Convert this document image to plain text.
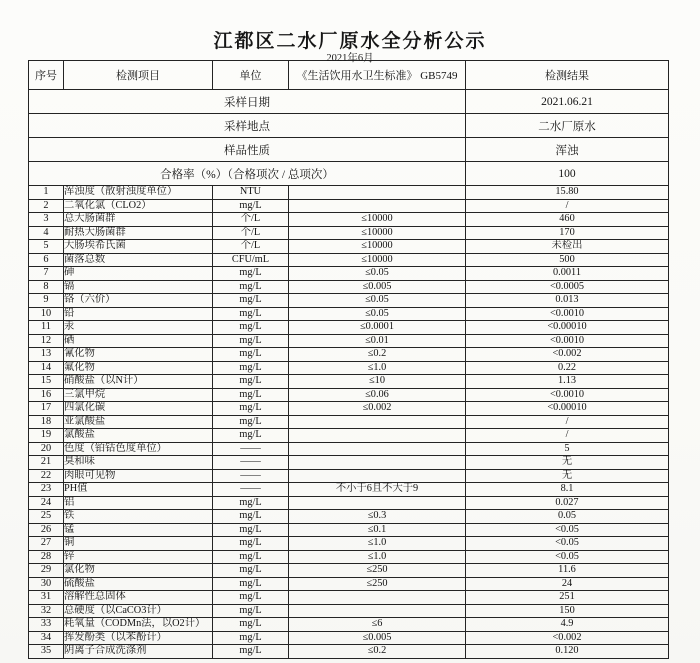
江都区二水厂原水全分析公示
2021年6月
采样日期				2021.06.21
采样地点				二水厂原水
样品性质				浑浊
合格率（%）（合格项次 / 总项次）				100
序号	检测项目	单位	《生活饮用水卫生标准》 GB5749	检测结果
1	浑浊度（散射浊度单位）	NTU		15.80
2	二氧化氯（CLO2）	mg/L		/
3	总大肠菌群	个/L	≤10000	460
4	耐热大肠菌群	个/L	≤10000	170
5	大肠埃希氏菌	个/L	≤10000	未检出
6	菌落总数	CFU/mL	≤10000	500
7	砷	mg/L	≤0.05	0.0011
8	镉	mg/L	≤0.005	<0.0005
9	铬（六价）	mg/L	≤0.05	0.013
10	铅	mg/L	≤0.05	<0.0010
11	汞	mg/L	≤0.0001	<0.00010
12	硒	mg/L	≤0.01	<0.0010
13	氰化物	mg/L	≤0.2	<0.002
14	氟化物	mg/L	≤1.0	0.22
15	硝酸盐（以N计）	mg/L	≤10	1.13
16	三氯甲烷	mg/L	≤0.06	<0.0010
17	四氯化碳	mg/L	≤0.002	<0.00010
18	亚氯酸盐	mg/L		/
19	氯酸盐	mg/L		/
20	色度（铂钴色度单位）	——		5
21	臭和味	——		无
22	肉眼可见物	——		无
23	PH值	——	不小于6且不大于9	8.1
24	铝	mg/L		0.027
25	铁	mg/L	≤0.3	0.05
26	锰	mg/L	≤0.1	<0.05
27	铜	mg/L	≤1.0	<0.05
28	锌	mg/L	≤1.0	<0.05
29	氯化物	mg/L	≤250	11.6
30	硫酸盐	mg/L	≤250	24
31	溶解性总固体	mg/L		251
32	总硬度（以CaCO3计）	mg/L		150
33	耗氧量（CODMn法，以O2计）	mg/L	≤6	4.9
34	挥发酚类（以苯酚计）	mg/L	≤0.005	<0.002
35	阴离子合成洗涤剂	mg/L	≤0.2	0.120
